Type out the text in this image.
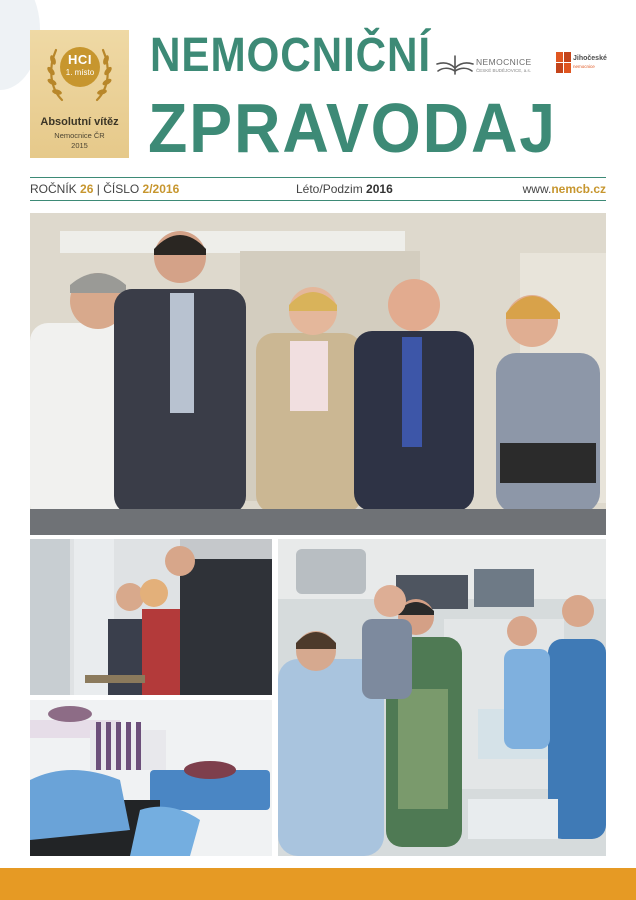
HCI
1. místo
Absolutní vítěz
Nemocnice ČR
2015
NEMOCNIČNÍ
ZPRAVODAJ
NEMOCNICE
ČESKÉ BUDĚJOVICE, a.s.
Jihočeské
nemocnice
ROČNÍK 26 | ČÍSLO 2/2016	Léto/Podzim 2016	www.nemcb.cz
